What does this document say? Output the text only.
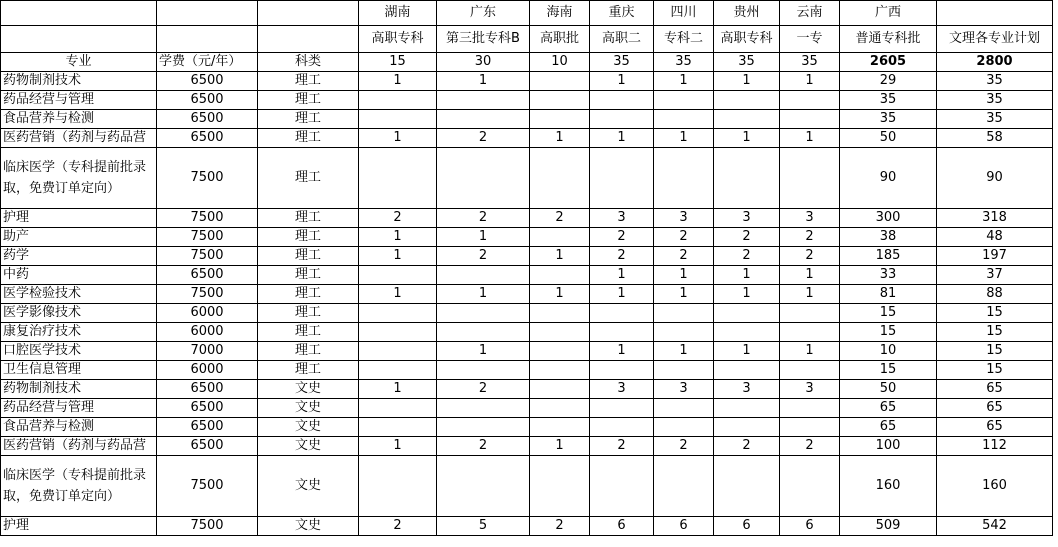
			湖南	广东	海南	重庆	四川	贵州	云南	广西	
			高职专科	第三批专科B	高职批	高职二	专科二	高职专科	一专	普通专科批	文理各专业计划
专业	学费（元/年）	科类	15	30	10	35	35	35	35	2605	2800
药物制剂技术	6500	理工	1	1		1	1	1	1	29	35
药品经营与管理	6500	理工								35	35
食品营养与检测	6500	理工								35	35
医药营销（药剂与药品营	6500	理工	1	2	1	1	1	1	1	50	58
临床医学（专科提前批录取，免费订单定向）	7500	理工								90	90
护理	7500	理工	2	2	2	3	3	3	3	300	318
助产	7500	理工	1	1		2	2	2	2	38	48
药学	7500	理工	1	2	1	2	2	2	2	185	197
中药	6500	理工				1	1	1	1	33	37
医学检验技术	7500	理工	1	1	1	1	1	1	1	81	88
医学影像技术	6000	理工								15	15
康复治疗技术	6000	理工								15	15
口腔医学技术	7000	理工		1		1	1	1	1	10	15
卫生信息管理	6000	理工								15	15
药物制剂技术	6500	文史	1	2		3	3	3	3	50	65
药品经营与管理	6500	文史								65	65
食品营养与检测	6500	文史								65	65
医药营销（药剂与药品营	6500	文史	1	2	1	2	2	2	2	100	112
临床医学（专科提前批录取，免费订单定向）	7500	文史								160	160
护理	7500	文史	2	5	2	6	6	6	6	509	542
